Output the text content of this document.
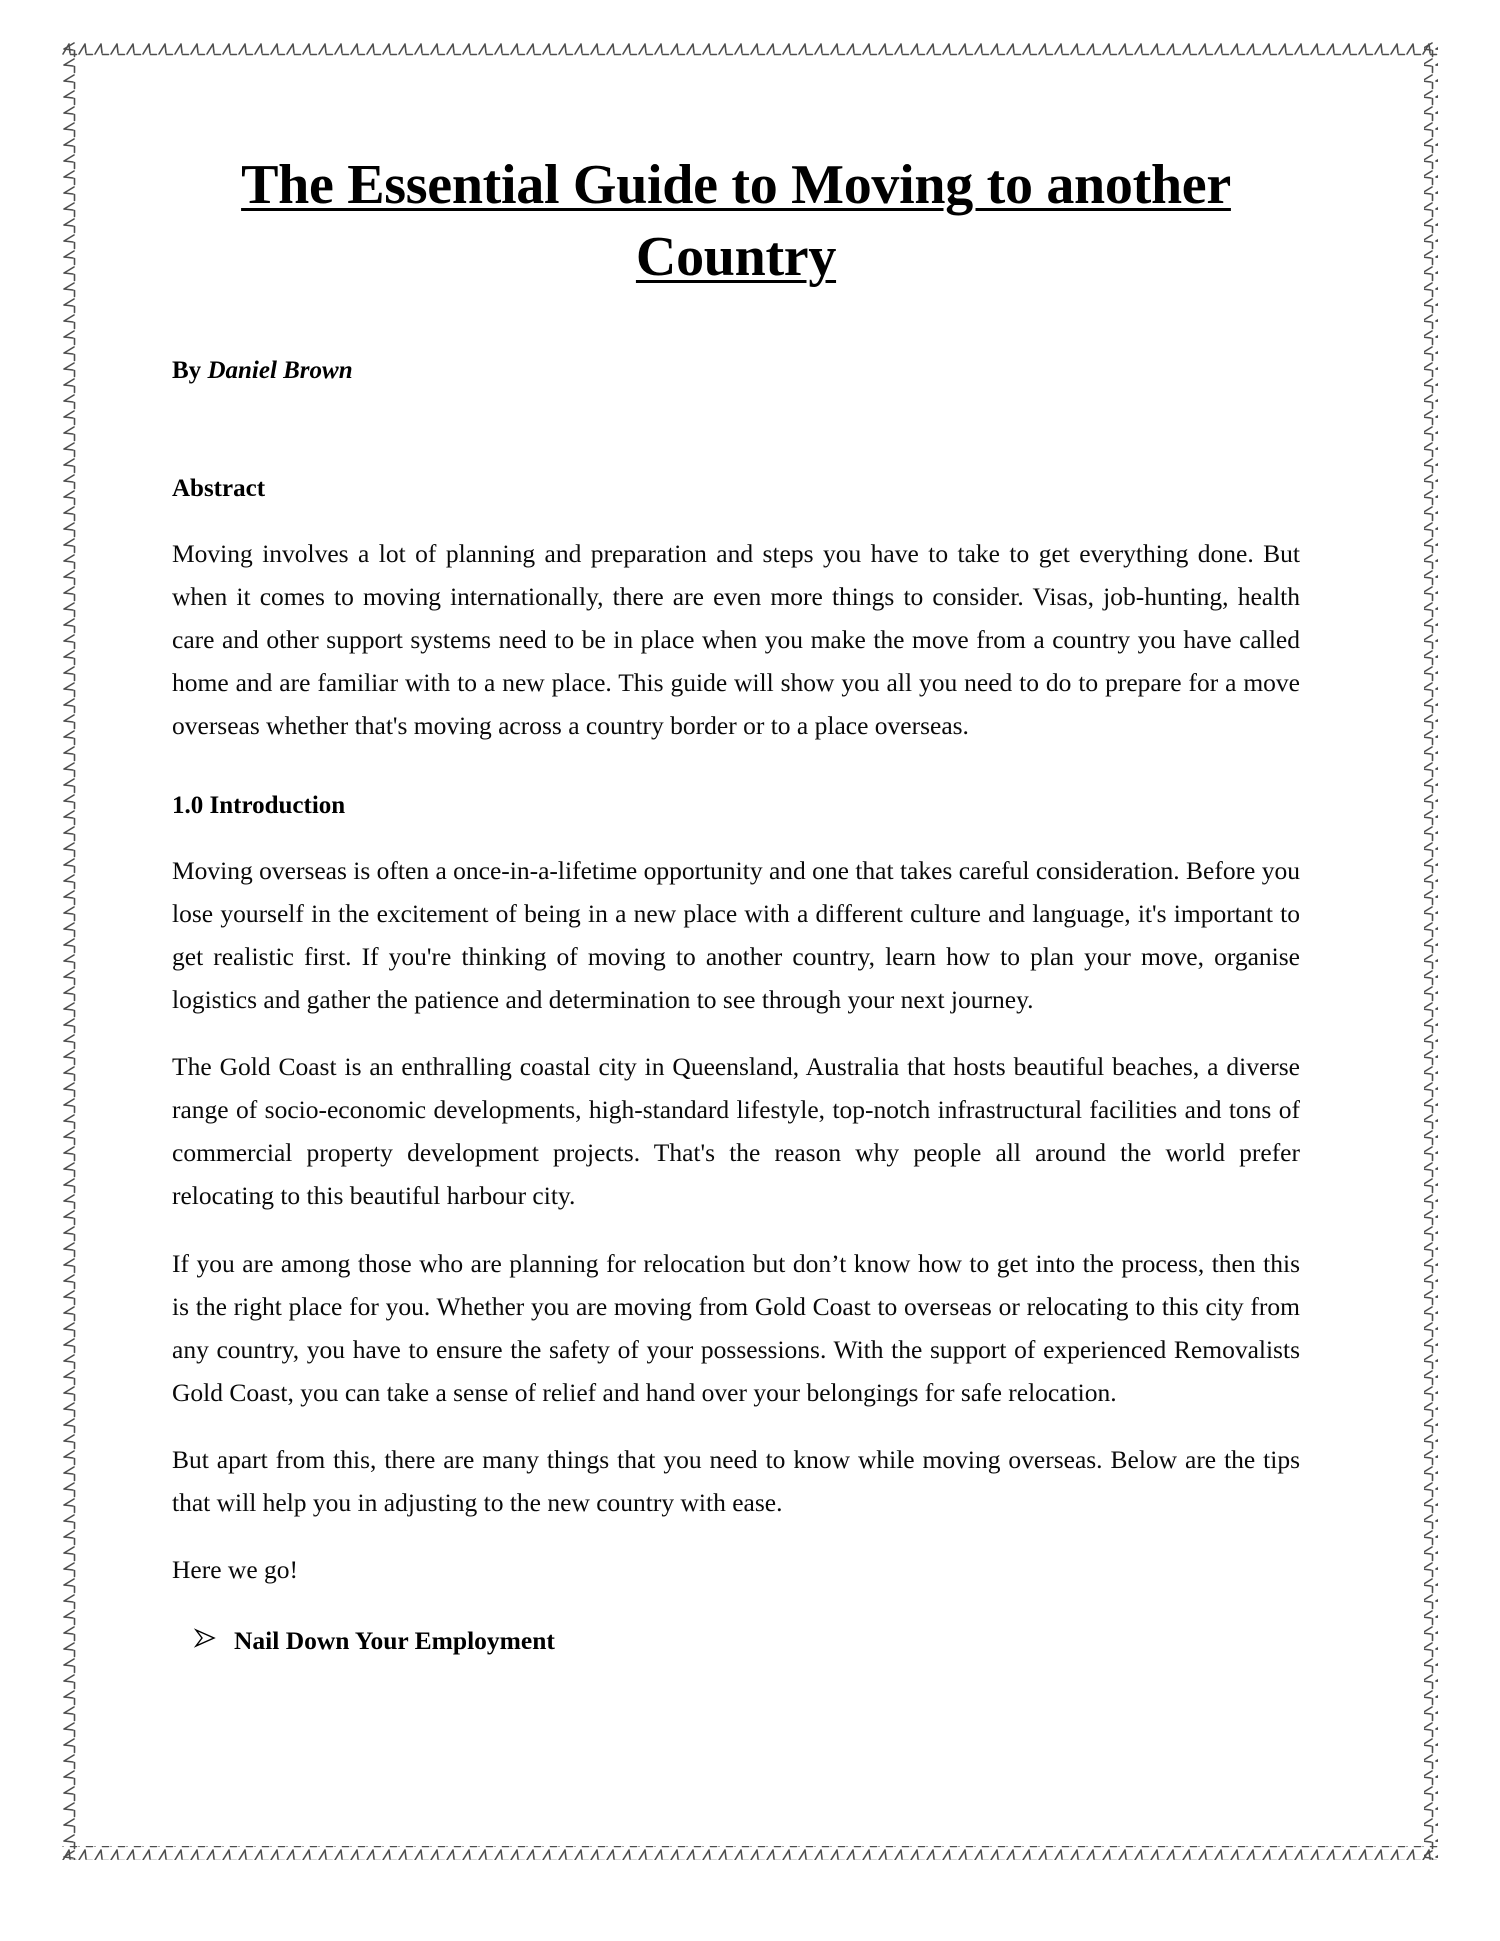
The Essential Guide to Moving to another
Country
By Daniel Brown
Abstract

Moving involves a lot of planning and preparation and steps you have to take to get everything done. But when it comes to moving internationally, there are even more things to consider. Visas, job-hunting, health care and other support systems need to be in place when you make the move from a country you have called home and are familiar with to a new place. This guide will show you all you need to do to prepare for a move overseas whether that's moving across a country border or to a place overseas.

1.0 Introduction

Moving overseas is often a once-in-a-lifetime opportunity and one that takes careful consideration. Before you lose yourself in the excitement of being in a new place with a different culture and language, it's important to get realistic first. If you're thinking of moving to another country, learn how to plan your move, organise logistics and gather the patience and determination to see through your next journey.

The Gold Coast is an enthralling coastal city in Queensland, Australia that hosts beautiful beaches, a diverse range of socio-economic developments, high-standard lifestyle, top-notch infrastructural facilities and tons of commercial property development projects. That's the reason why people all around the world prefer relocating to this beautiful harbour city.

If you are among those who are planning for relocation but don’t know how to get into the process, then this is the right place for you. Whether you are moving from Gold Coast to overseas or relocating to this city from any country, you have to ensure the safety of your possessions. With the support of experienced Removalists Gold Coast, you can take a sense of relief and hand over your belongings for safe relocation.

But apart from this, there are many things that you need to know while moving overseas. Below are the tips that will help you in adjusting to the new country with ease.

Here we go!

Nail Down Your Employment
